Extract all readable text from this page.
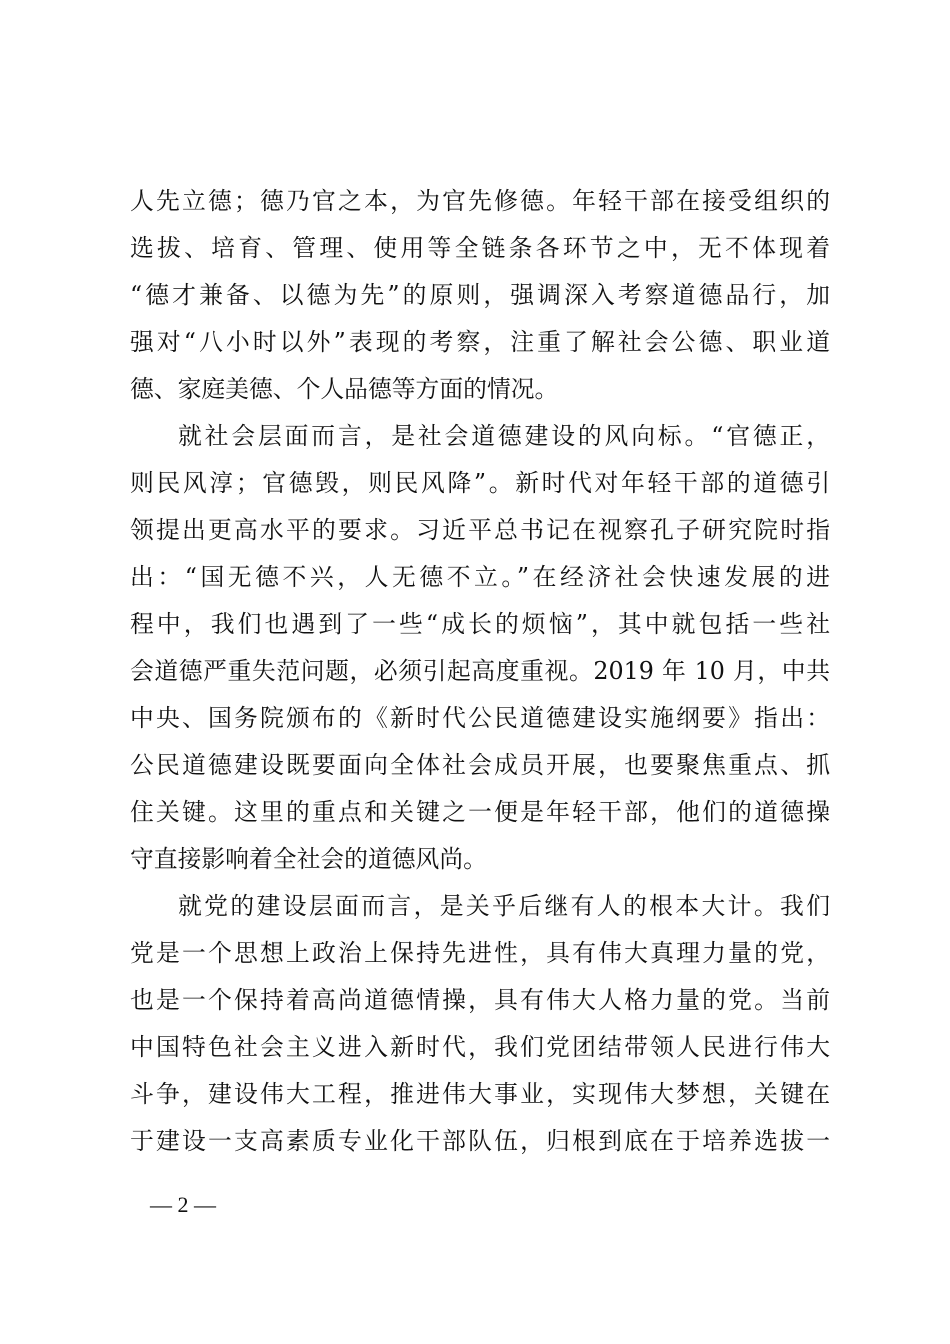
人先立德；德乃官之本，为官先修德。年轻干部在接受组织的
选拔、培育、管理、使用等全链条各环节之中，无不体现着
“德才兼备、以德为先”的原则，强调深入考察道德品行，加
强对“八小时以外”表现的考察，注重了解社会公德、职业道
德、家庭美德、个人品德等方面的情况。
就社会层面而言，是社会道德建设的风向标。“官德正，
则民风淳；官德毁，则民风降”。新时代对年轻干部的道德引
领提出更高水平的要求。习近平总书记在视察孔子研究院时指
出：“国无德不兴，人无德不立。”在经济社会快速发展的进
程中，我们也遇到了一些“成长的烦恼”，其中就包括一些社
会道德严重失范问题，必须引起高度重视。2019 年 10 月，中共
中央、国务院颁布的《新时代公民道德建设实施纲要》指出：
公民道德建设既要面向全体社会成员开展，也要聚焦重点、抓
住关键。这里的重点和关键之一便是年轻干部，他们的道德操
守直接影响着全社会的道德风尚。
就党的建设层面而言，是关乎后继有人的根本大计。我们
党是一个思想上政治上保持先进性，具有伟大真理力量的党，
也是一个保持着高尚道德情操，具有伟大人格力量的党。当前
中国特色社会主义进入新时代，我们党团结带领人民进行伟大
斗争，建设伟大工程，推进伟大事业，实现伟大梦想，关键在
于建设一支高素质专业化干部队伍，归根到底在于培养选拔一
— 2 —
